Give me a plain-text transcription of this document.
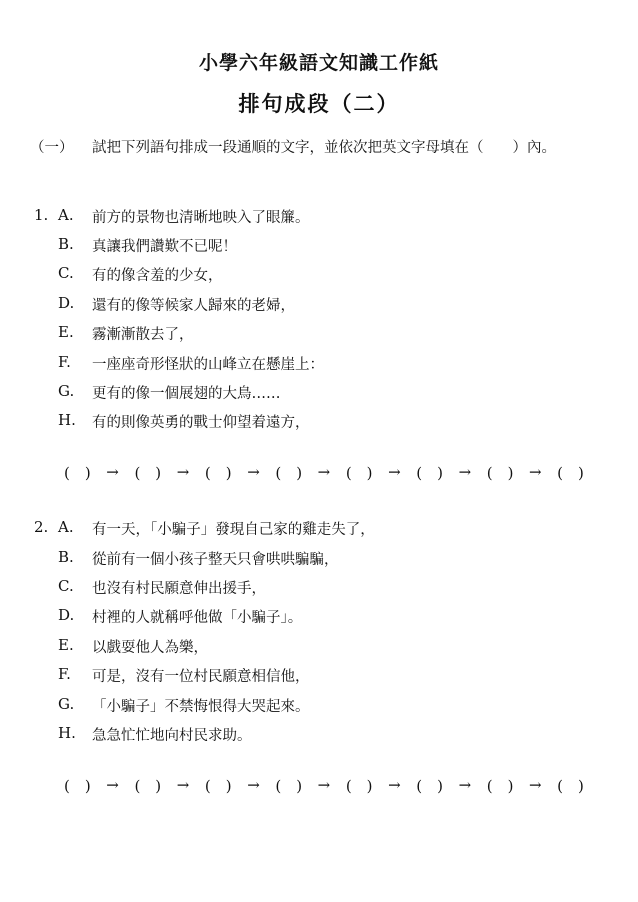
小學六年級語文知識工作紙
排句成段（二）
（一） 試把下列語句排成一段通順的文字，並依次把英文字母填在（　　）內。
1. A. 前方的景物也清晰地映入了眼簾。
B. 真讓我們讚歎不已呢！
C. 有的像含羞的少女，
D. 還有的像等候家人歸來的老婦，
E. 霧漸漸散去了，
F. 一座座奇形怪狀的山峰立在懸崖上：
G. 更有的像一個展翅的大鳥……
H. 有的則像英勇的戰士仰望着遠方，
(　) → (　) → (　) → (　) → (　) → (　) → (　) → (　)
2. A. 有一天，「小騙子」發現自己家的雞走失了，
B. 從前有一個小孩子整天只會哄哄騙騙，
C. 也沒有村民願意伸出援手，
D. 村裡的人就稱呼他做「小騙子」。
E. 以戲耍他人為樂，
F. 可是，沒有一位村民願意相信他，
G. 「小騙子」不禁悔恨得大哭起來。
H. 急急忙忙地向村民求助。
(　) → (　) → (　) → (　) → (　) → (　) → (　) → (　)
